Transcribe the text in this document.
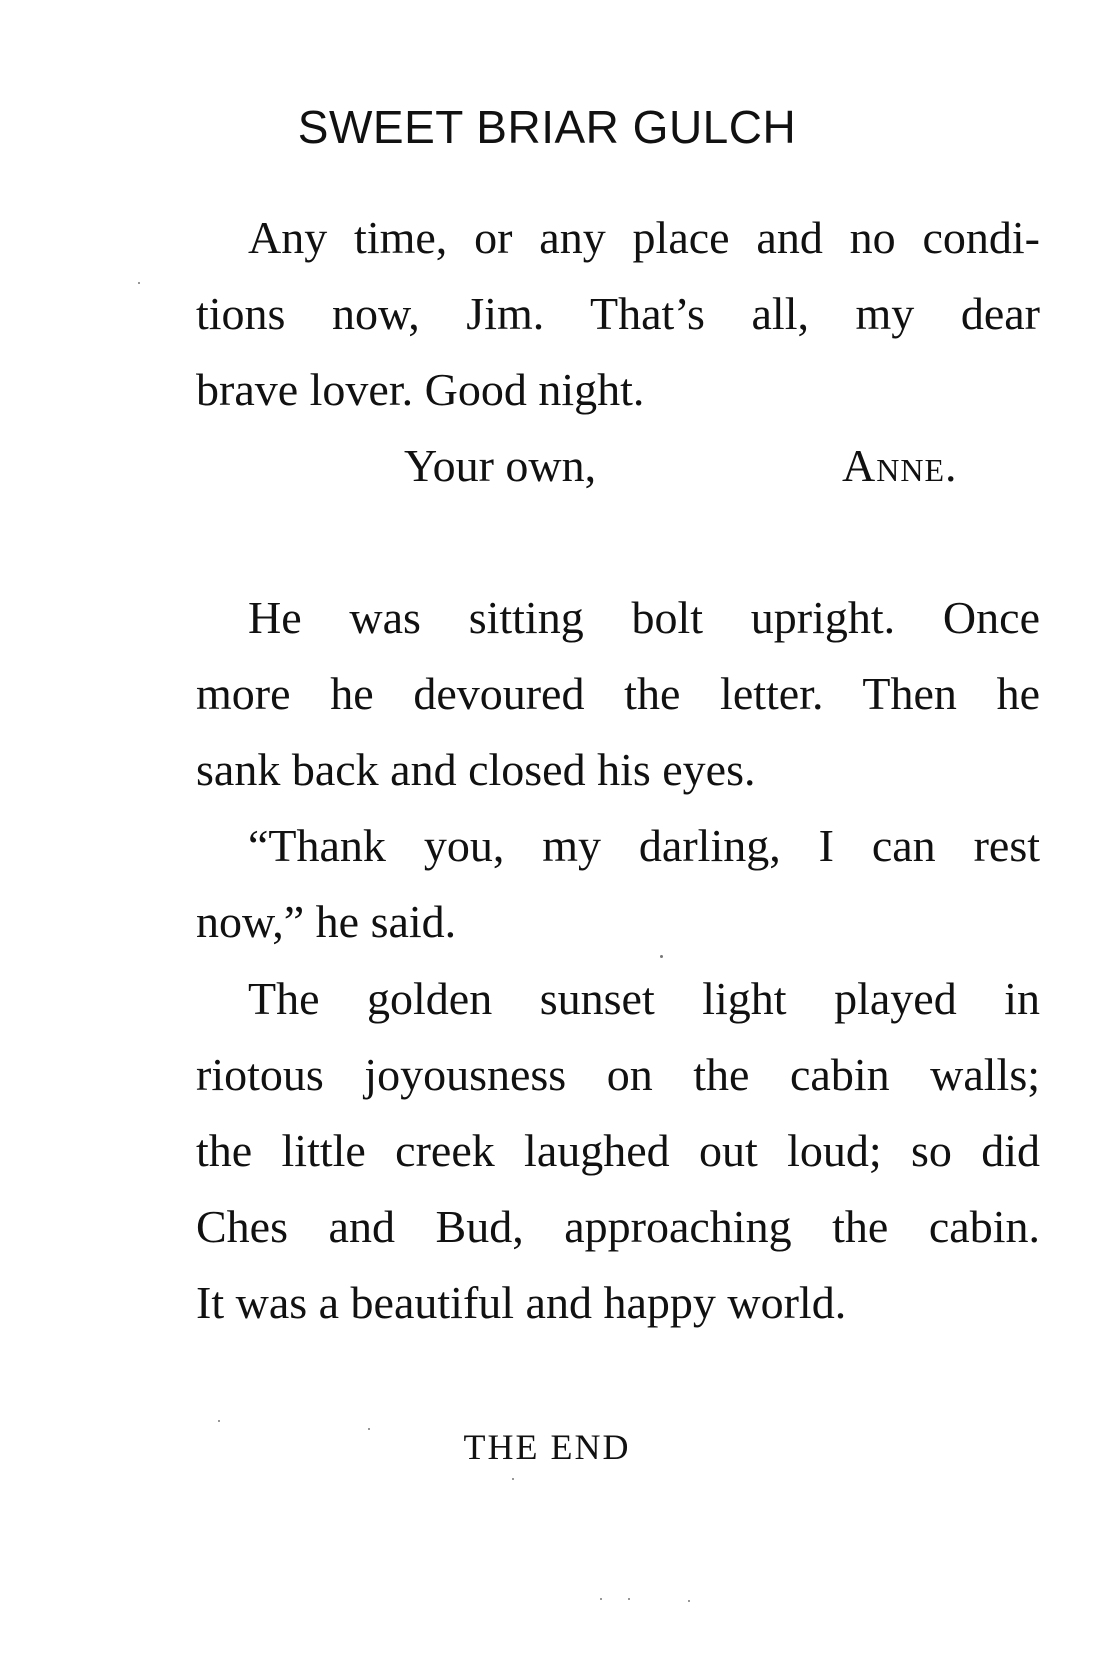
SWEET BRIAR GULCH

Any time, or any place and no condi-
tions now, Jim. That’s all, my dear
brave lover. Good night.

Your own,	Anne.

He was sitting bolt upright. Once
more he devoured the letter. Then he
sank back and closed his eyes.

“Thank you, my darling, I can rest
now,” he said.

The golden sunset light played in
riotous joyousness on the cabin walls;
the little creek laughed out loud; so did
Ches and Bud, approaching the cabin.
It was a beautiful and happy world.

THE END
